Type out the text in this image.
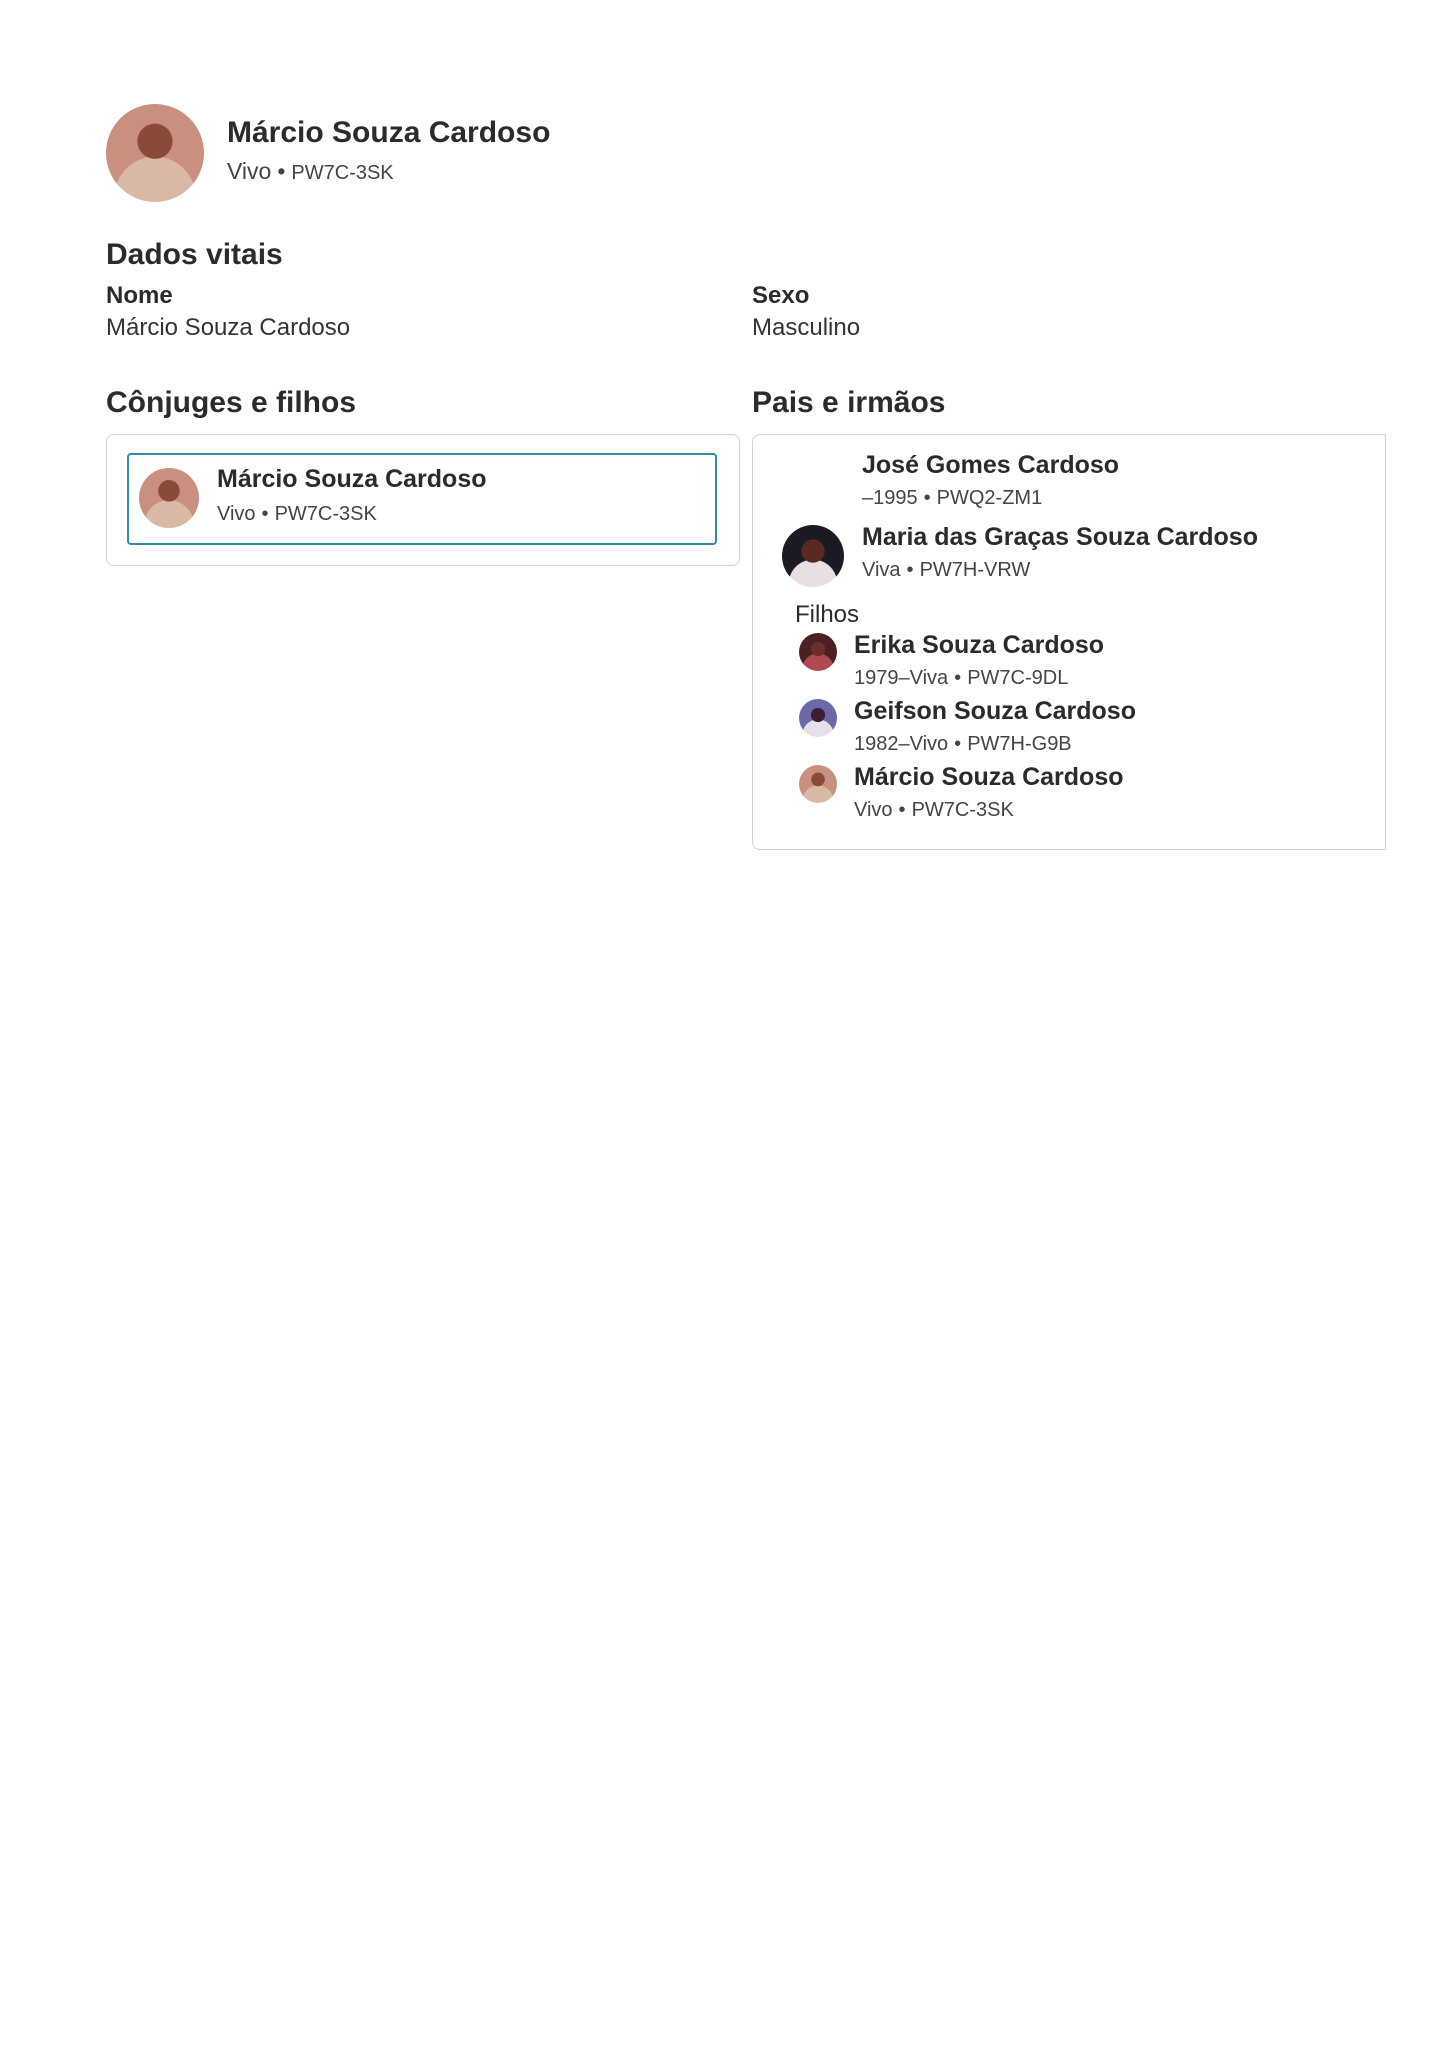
Márcio Souza Cardoso
Vivo • PW7C-3SK
Dados vitais
Nome
Márcio Souza Cardoso
Sexo
Masculino
Cônjuges e filhos
Márcio Souza Cardoso
Vivo • PW7C-3SK
Pais e irmãos
José Gomes Cardoso
–1995 • PWQ2-ZM1
Maria das Graças Souza Cardoso
Viva • PW7H-VRW
Filhos
Erika Souza Cardoso
1979–Viva • PW7C-9DL
Geifson Souza Cardoso
1982–Vivo • PW7H-G9B
Márcio Souza Cardoso
Vivo • PW7C-3SK
